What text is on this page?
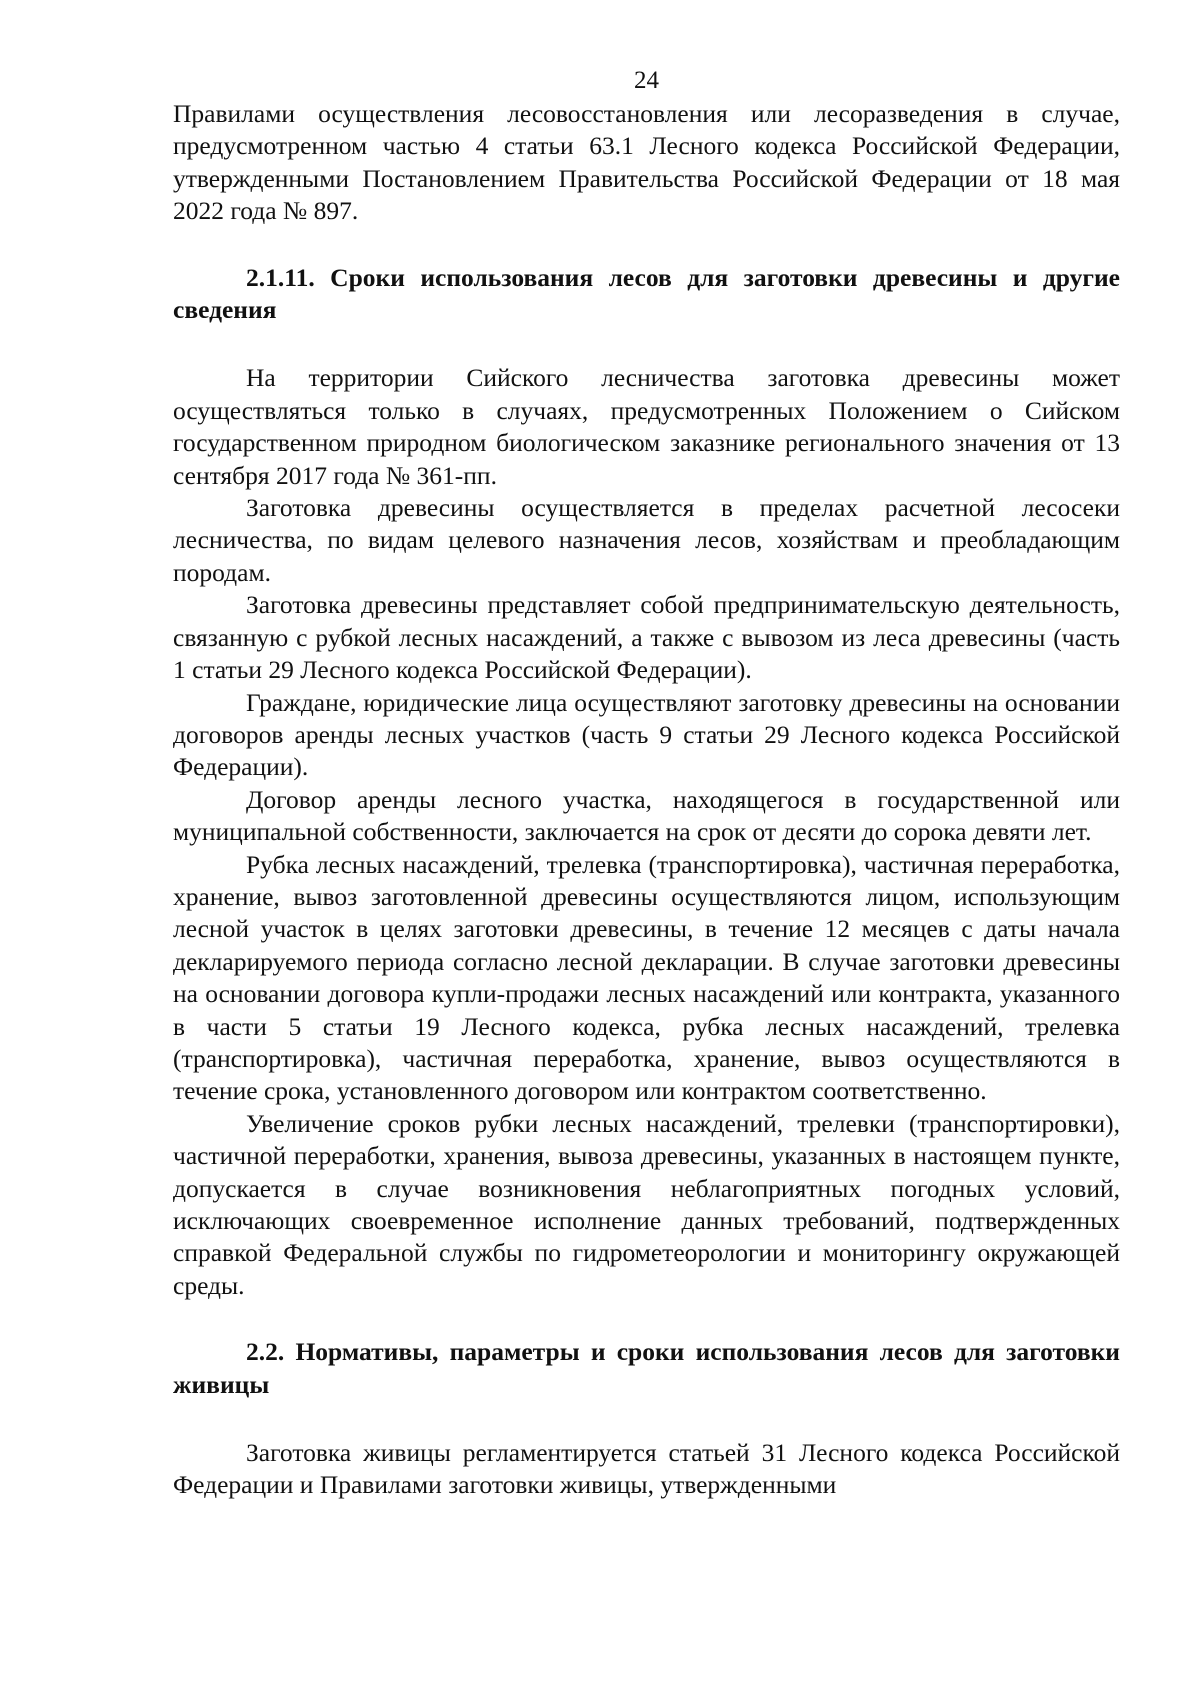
24

Правилами осуществления лесовосстановления или лесоразведения в случае, предусмотренном частью 4 статьи 63.1 Лесного кодекса Российской Федерации, утвержденными Постановлением Правительства Российской Федерации от 18 мая 2022 года № 897.

2.1.11. Сроки использования лесов для заготовки древесины и другие сведения

На территории Сийского лесничества заготовка древесины может осуществляться только в случаях, предусмотренных Положением о Сийском государственном природном биологическом заказнике регионального значения от 13 сентября 2017 года № 361-пп.

Заготовка древесины осуществляется в пределах расчетной лесосеки лесничества, по видам целевого назначения лесов, хозяйствам и преобладающим породам.

Заготовка древесины представляет собой предпринимательскую деятельность, связанную с рубкой лесных насаждений, а также с вывозом из леса древесины (часть 1 статьи 29 Лесного кодекса Российской Федерации).

Граждане, юридические лица осуществляют заготовку древесины на основании договоров аренды лесных участков (часть 9 статьи 29 Лесного кодекса Российской Федерации).

Договор аренды лесного участка, находящегося в государственной или муниципальной собственности, заключается на срок от десяти до сорока девяти лет.

Рубка лесных насаждений, трелевка (транспортировка), частичная переработка, хранение, вывоз заготовленной древесины осуществляются лицом, использующим лесной участок в целях заготовки древесины, в течение 12 месяцев с даты начала декларируемого периода согласно лесной декларации. В случае заготовки древесины на основании договора купли-продажи лесных насаждений или контракта, указанного в части 5 статьи 19 Лесного кодекса, рубка лесных насаждений, трелевка (транспортировка), частичная переработка, хранение, вывоз осуществляются в течение срока, установленного договором или контрактом соответственно.

Увеличение сроков рубки лесных насаждений, трелевки (транспортировки), частичной переработки, хранения, вывоза древесины, указанных в настоящем пункте, допускается в случае возникновения неблагоприятных погодных условий, исключающих своевременное исполнение данных требований, подтвержденных справкой Федеральной службы по гидрометеорологии и мониторингу окружающей среды.

2.2. Нормативы, параметры и сроки использования лесов для заготовки живицы

Заготовка живицы регламентируется статьей 31 Лесного кодекса Российской Федерации и Правилами заготовки живицы, утвержденными
